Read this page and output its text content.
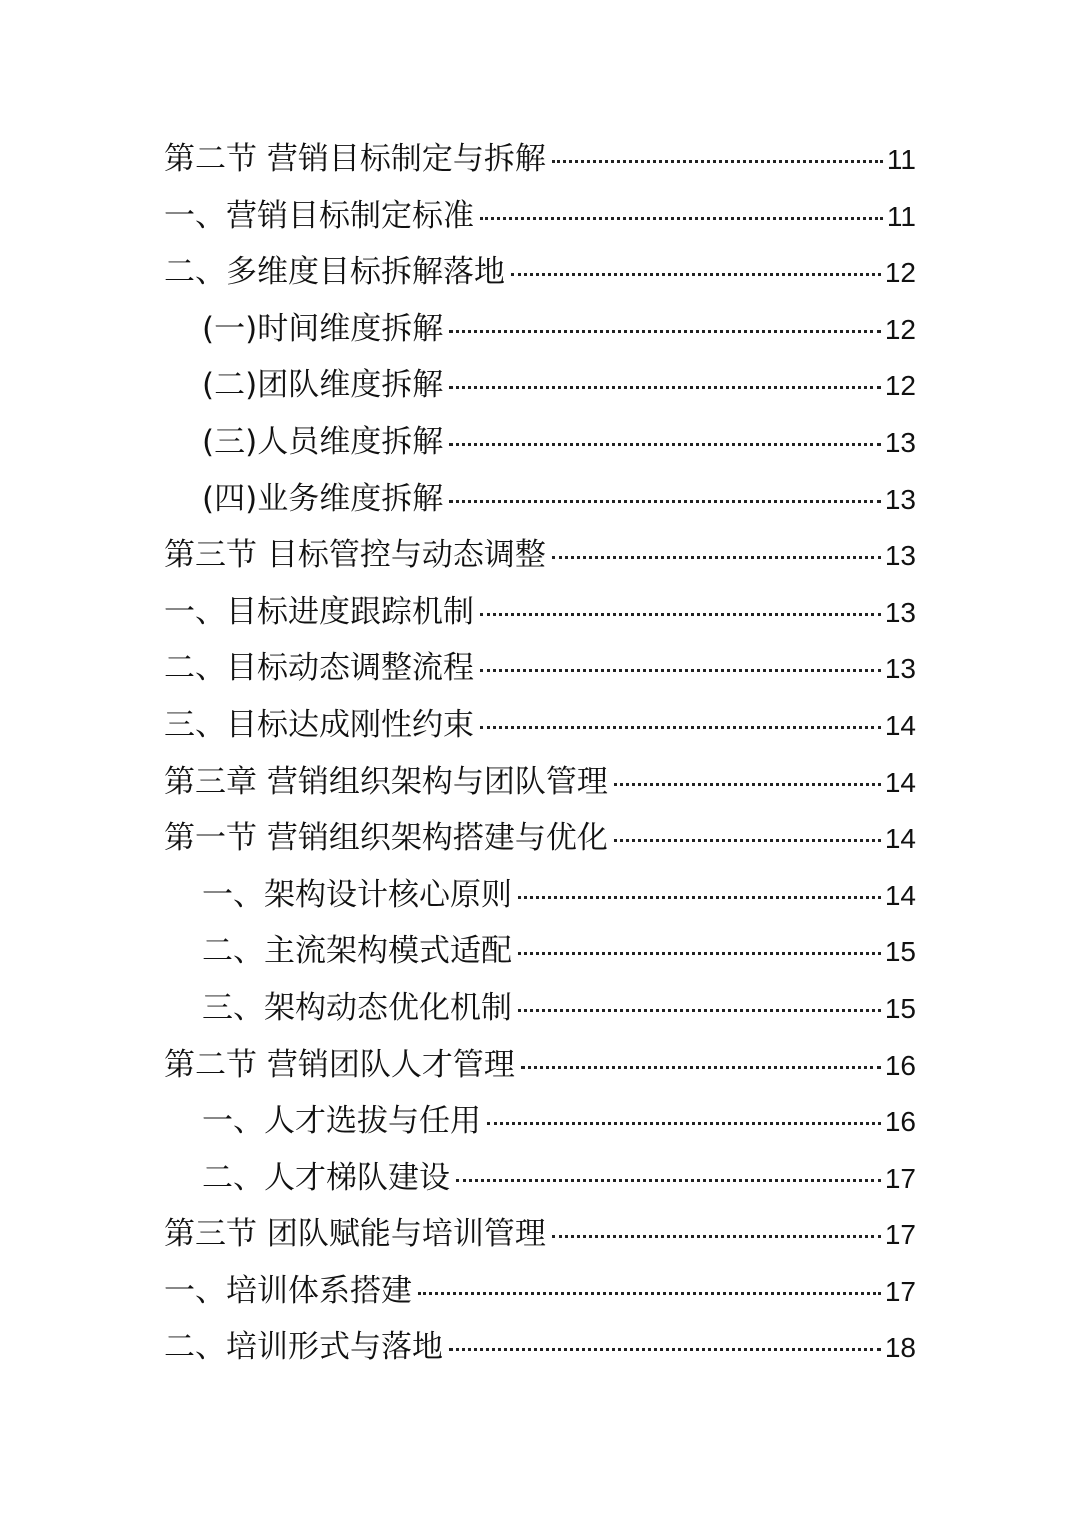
第二节 营销目标制定与拆解	11
一、营销目标制定标准	11
二、多维度目标拆解落地	12
(一)时间维度拆解	12
(二)团队维度拆解	12
(三)人员维度拆解	13
(四)业务维度拆解	13
第三节 目标管控与动态调整	13
一、目标进度跟踪机制	13
二、目标动态调整流程	13
三、目标达成刚性约束	14
第三章 营销组织架构与团队管理	14
第一节 营销组织架构搭建与优化	14
一、架构设计核心原则	14
二、主流架构模式适配	15
三、架构动态优化机制	15
第二节 营销团队人才管理	16
一、人才选拔与任用	16
二、人才梯队建设	17
第三节 团队赋能与培训管理	17
一、培训体系搭建	17
二、培训形式与落地	18
